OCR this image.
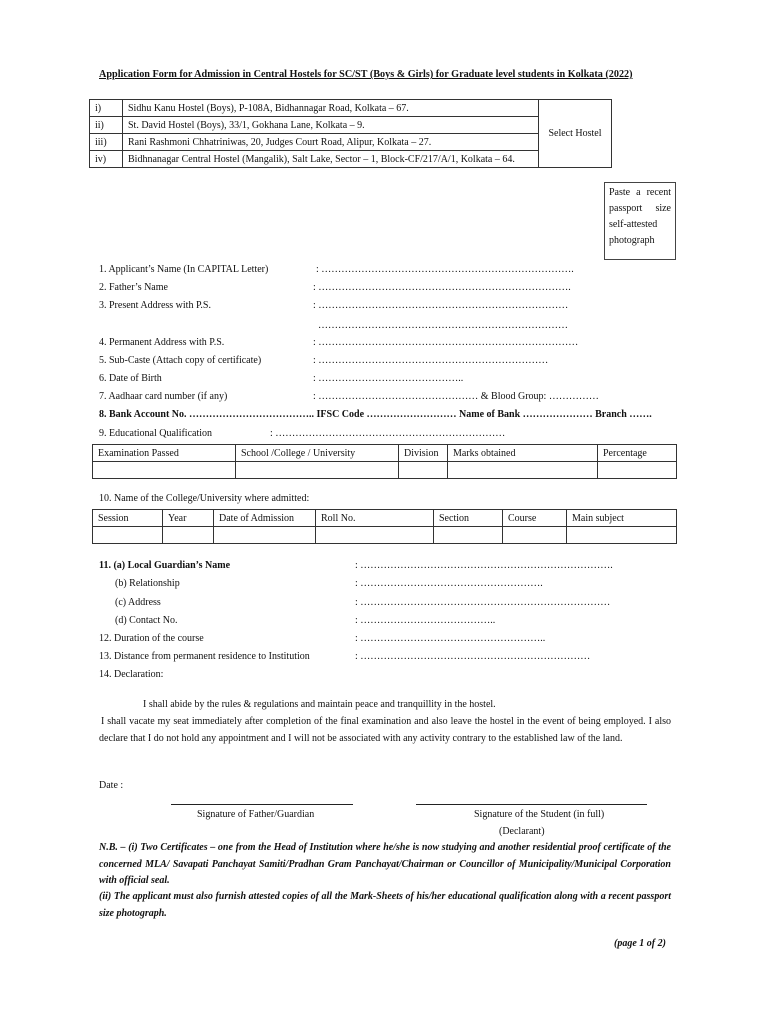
Application Form for Admission in Central Hostels for SC/ST (Boys & Girls) for Graduate level students in Kolkata (2022)
i)	Sidhu Kanu Hostel (Boys), P-108A, Bidhannagar Road, Kolkata – 67.	Select Hostel
ii)	St. David Hostel (Boys), 33/1, Gokhana Lane, Kolkata – 9.	
iii)	Rani Rashmoni Chhatriniwas, 20, Judges Court Road, Alipur, Kolkata – 27.	
iv)	Bidhnanagar Central Hostel (Mangalik), Salt Lake, Sector – 1, Block-CF/217/A/1, Kolkata – 64.	
Paste a recent passport size self-attested photograph
1. Applicant’s Name (In CAPITAL Letter)	: ………………………………………………………………….
2. Father’s Name	: ………………………………………………………………….
3. Present Address with P.S.	: …………………………………………………………………
…………………………………………………………………
4. Permanent Address with P.S.	: ……………………………………………………………………
5. Sub-Caste (Attach copy of certificate)	: ……………………………………………………………
6. Date of Birth	: ……………………………………..
7. Aadhaar card number (if any)	: ………………………………………… & Blood Group: ……………
8. Bank Account No. ……………………………….. IFSC Code ……………………… Name of Bank ………………… Branch …….
9. Educational Qualification	: ……………………………………………………………
Examination Passed	School /College / University	Division	Marks obtained	Percentage

10. Name of the College/University where admitted:
Session	Year	Date of Admission	Roll No.	Section	Course	Main subject

11. (a) Local Guardian’s Name	: ………………………………………………………………….
(b) Relationship	: ……………………………………………….
(c) Address	: …………………………………………………………………
(d) Contact No.	: …………………………………..
12. Duration of the course	: ………………………………………………..
13. Distance from permanent residence to Institution	: ……………………………………………………………
14. Declaration:
I shall abide by the rules & regulations and maintain peace and tranquillity in the hostel.
I shall vacate my seat immediately after completion of the final examination and also leave the hostel in the event of being employed. I also declare that I do not hold any appointment and I will not be associated with any activity contrary to the established law of the land.
Date :
Signature of Father/Guardian	Signature of the Student (in full)
(Declarant)
N.B. – (i) Two Certificates – one from the Head of Institution where he/she is now studying and another residential proof certificate of the concerned MLA/ Savapati Panchayat Samiti/Pradhan Gram Panchayat/Chairman or Councillor of Municipality/Municipal Corporation with official seal.
(ii) The applicant must also furnish attested copies of all the Mark-Sheets of his/her educational qualification along with a recent passport size photograph.
(page 1 of 2)
